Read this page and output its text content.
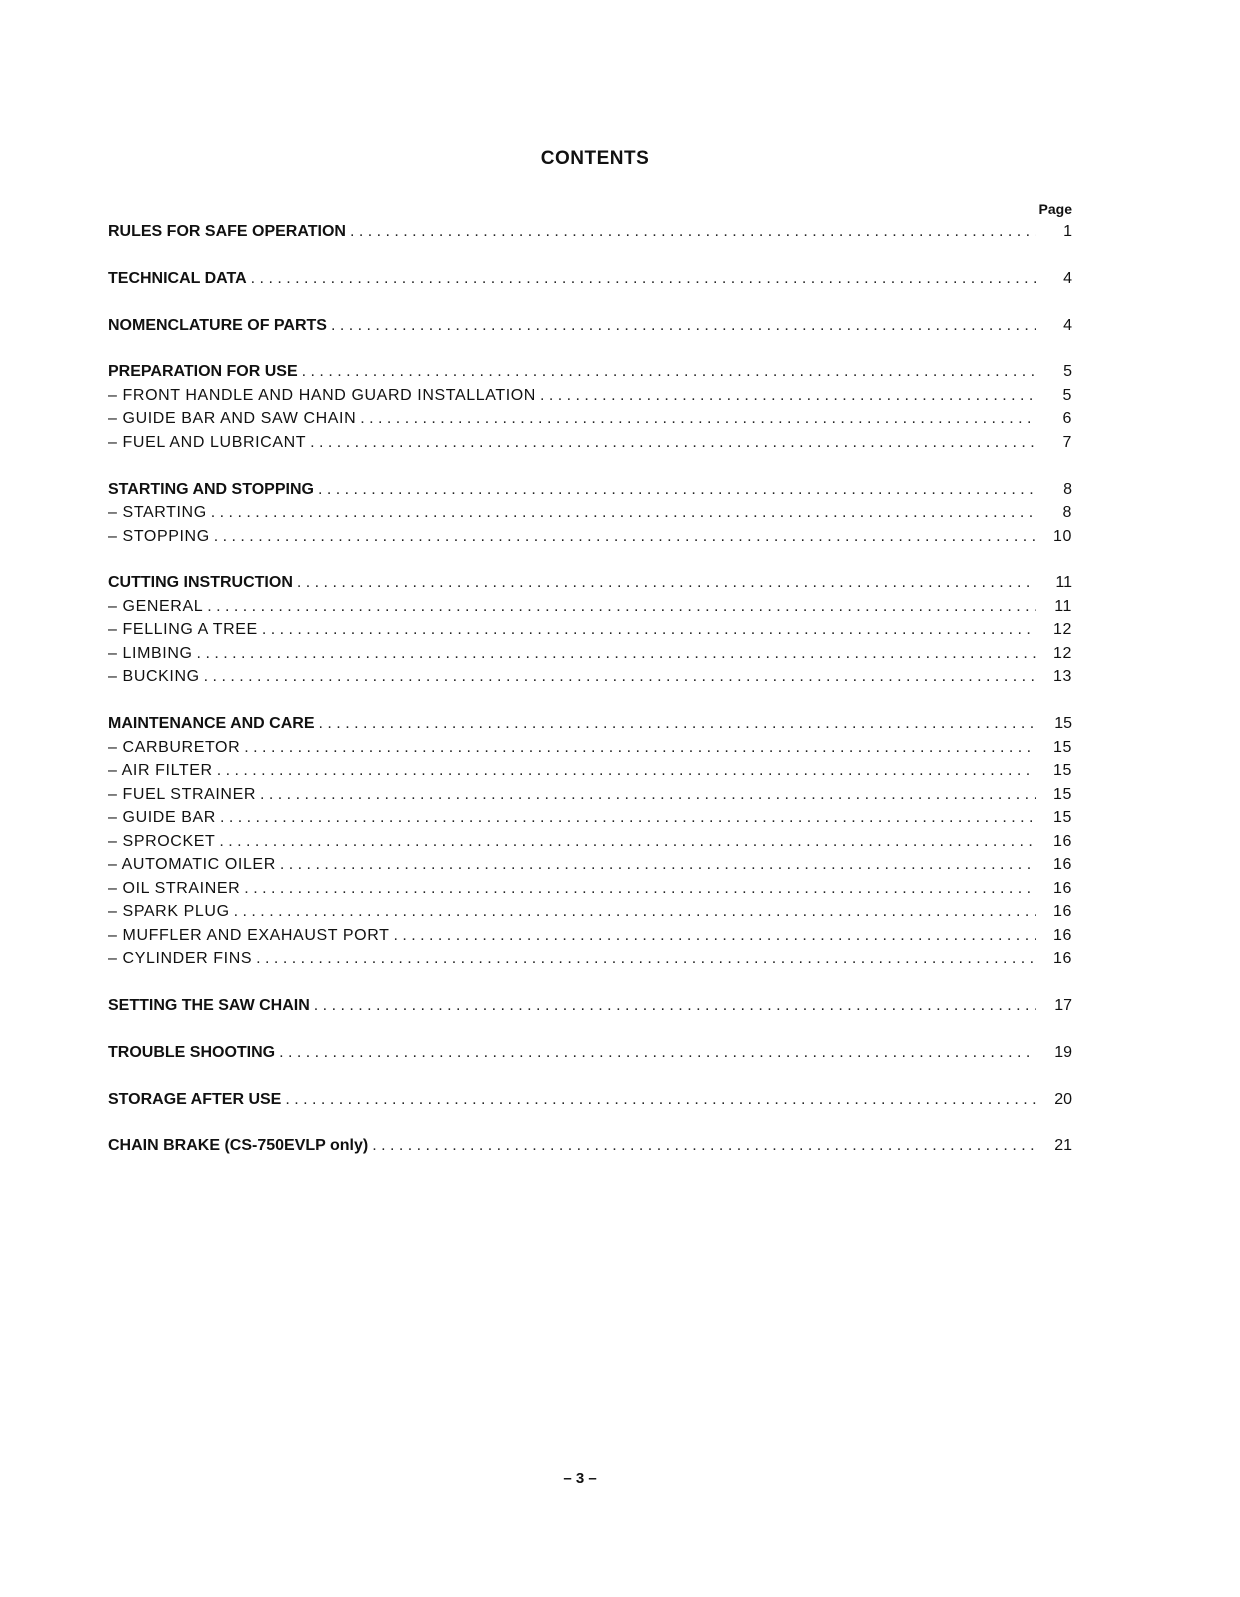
CONTENTS
Page
RULES FOR SAFE OPERATION . . .	1
TECHNICAL DATA . . .	4
NOMENCLATURE OF PARTS . . .	4
PREPARATION FOR USE . . .	5
– FRONT HANDLE AND HAND GUARD INSTALLATION . . .	5
– GUIDE BAR AND SAW CHAIN . . .	6
– FUEL AND LUBRICANT . . .	7
STARTING AND STOPPING . . .	8
– STARTING . . .	8
– STOPPING . . .	10
CUTTING INSTRUCTION . . .	11
– GENERAL . . .	11
– FELLING A TREE . . .	12
– LIMBING . . .	12
– BUCKING . . .	13
MAINTENANCE AND CARE . . .	15
– CARBURETOR . . .	15
– AIR FILTER . . .	15
– FUEL STRAINER . . .	15
– GUIDE BAR . . .	15
– SPROCKET . . .	16
– AUTOMATIC OILER . . .	16
– OIL STRAINER . . .	16
– SPARK PLUG . . .	16
– MUFFLER AND EXAHAUST PORT . . .	16
– CYLINDER FINS . . .	16
SETTING THE SAW CHAIN . . .	17
TROUBLE SHOOTING . . .	19
STORAGE AFTER USE . . .	20
CHAIN BRAKE (CS-750EVLP only) . . .	21
– 3 –
